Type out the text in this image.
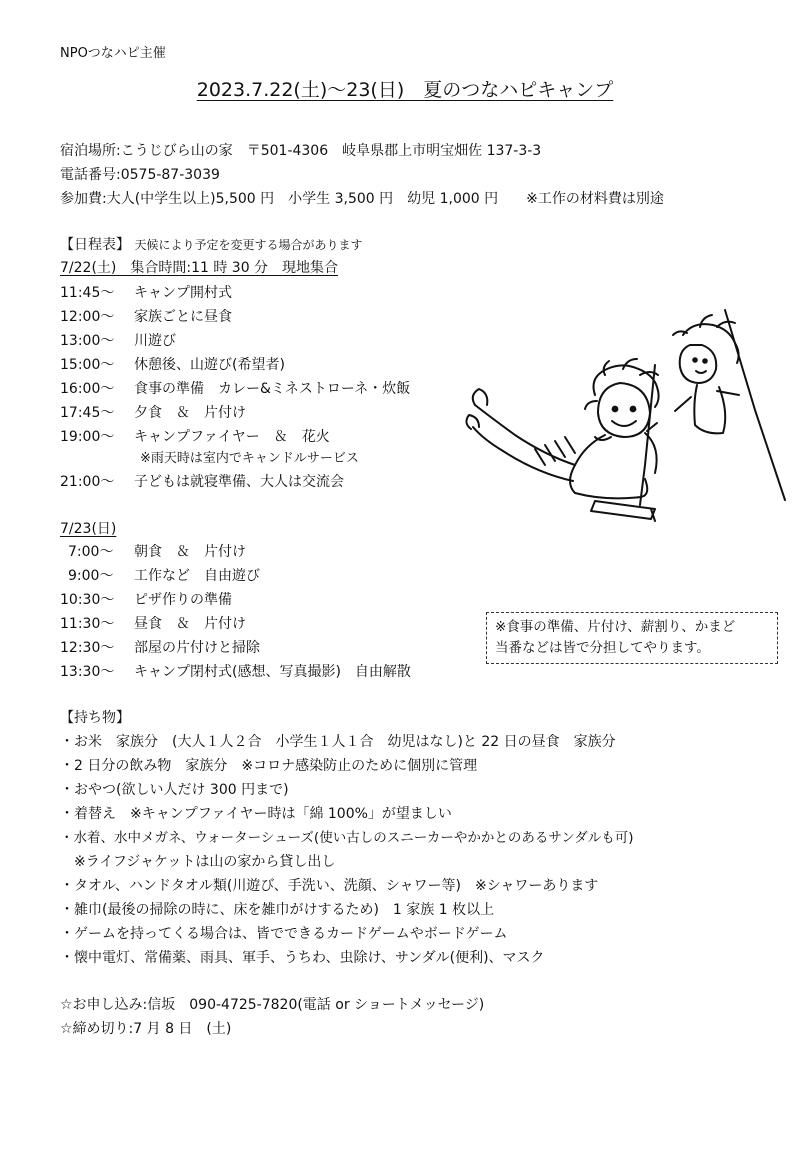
NPOつなハピ主催
2023.7.22(土)～23(日)　夏のつなハピキャンプ
宿泊場所:こうじびら山の家　〒501-4306　岐阜県郡上市明宝畑佐 137-3-3
電話番号:0575-87-3039
参加費:大人(中学生以上)5,500 円　小学生 3,500 円　幼児 1,000 円　　※工作の材料費は別途
【日程表】 天候により予定を変更する場合があります
7/22(土)　集合時間:11 時 30 分　現地集合
11:45～ キャンプ開村式
12:00～ 家族ごとに昼食
13:00～ 川遊び
15:00～ 休憩後、山遊び(希望者)
16:00～ 食事の準備　カレー&ミネストローネ・炊飯
17:45～ 夕食　＆　片付け
19:00～ キャンプファイヤー　＆　花火
※雨天時は室内でキャンドルサービス
21:00～ 子どもは就寝準備、大人は交流会
7/23(日)
7:00～ 朝食　＆　片付け
9:00～ 工作など　自由遊び
10:30～ ピザ作りの準備
11:30～ 昼食　＆　片付け
12:30～ 部屋の片付けと掃除
13:30～ キャンプ閉村式(感想、写真撮影)　自由解散
※食事の準備、片付け、薪割り、かまど
当番などは皆で分担してやります。
【持ち物】
・お米　家族分　(大人１人２合　小学生１人１合　幼児はなし)と 22 日の昼食　家族分
・2 日分の飲み物　家族分　※コロナ感染防止のために個別に管理
・おやつ(欲しい人だけ 300 円まで)
・着替え　※キャンプファイヤー時は「綿 100%」が望ましい
・水着、水中メガネ、ウォーターシューズ(使い古しのスニーカーやかかとのあるサンダルも可)
　※ライフジャケットは山の家から貸し出し
・タオル、ハンドタオル類(川遊び、手洗い、洗顔、シャワー等)　※シャワーあります
・雑巾(最後の掃除の時に、床を雑巾がけするため)　1 家族 1 枚以上
・ゲームを持ってくる場合は、皆でできるカードゲームやボードゲーム
・懐中電灯、常備薬、雨具、軍手、うちわ、虫除け、サンダル(便利)、マスク
☆お申し込み:信坂　090-4725-7820(電話 or ショートメッセージ)
☆締め切り:7 月 8 日　(土)
